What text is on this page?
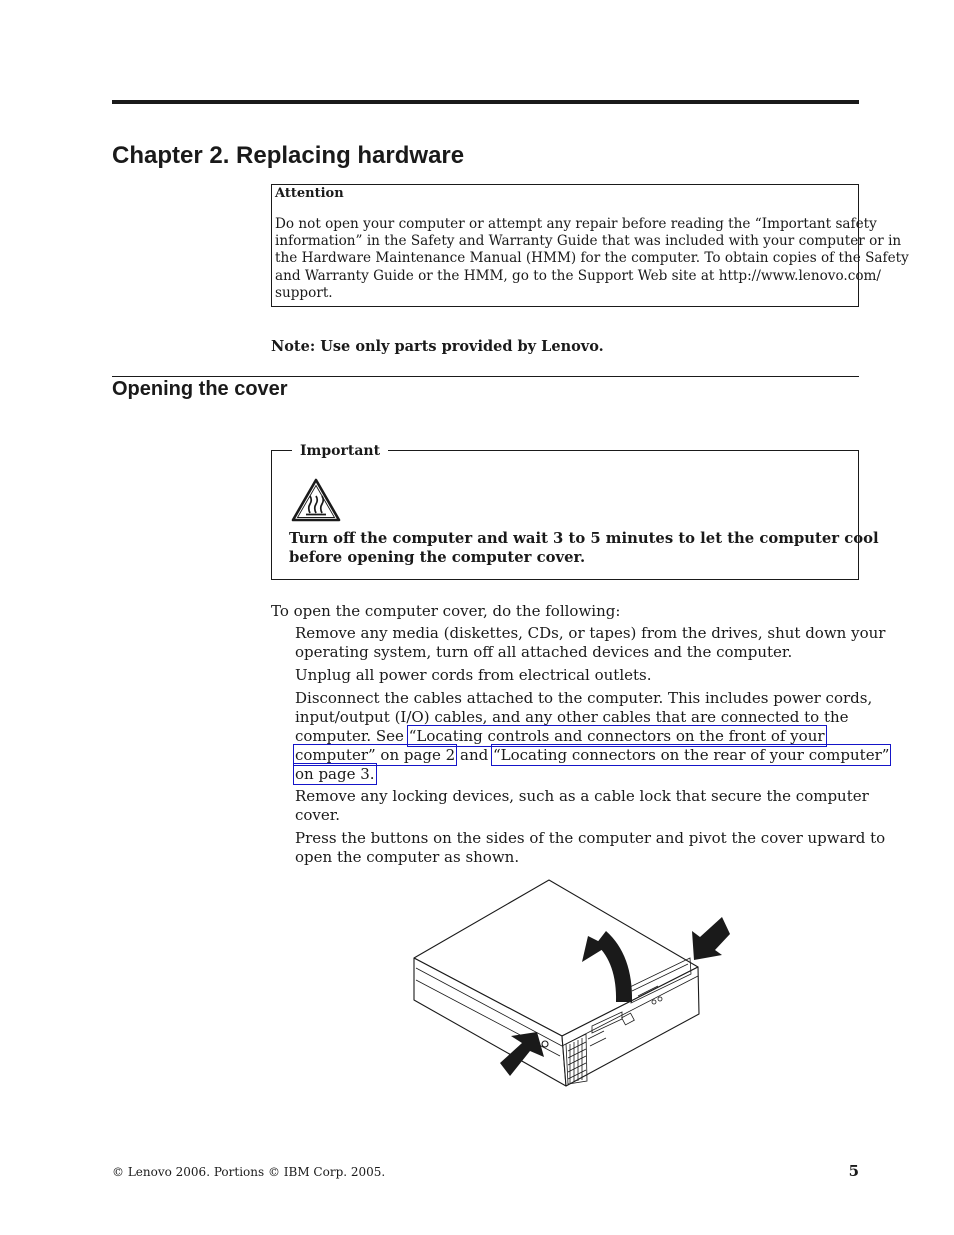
Chapter 2. Replacing hardware
Attention
Do not open your computer or attempt any repair before reading the “Important safety
information” in the Safety and Warranty Guide that was included with your computer or in
the Hardware Maintenance Manual (HMM) for the computer. To obtain copies of the Safety
and Warranty Guide or the HMM, go to the Support Web site at http://www.lenovo.com/
support.
Note: Use only parts provided by Lenovo.
Opening the cover
Important
Turn off the computer and wait 3 to 5 minutes to let the computer cool
before opening the computer cover.
To open the computer cover, do the following:
Remove any media (diskettes, CDs, or tapes) from the drives, shut down your
operating system, turn off all attached devices and the computer.
Unplug all power cords from electrical outlets.
Disconnect the cables attached to the computer. This includes power cords,
input/output (I/O) cables, and any other cables that are connected to the
computer. See “Locating controls and connectors on the front of your
computer” on page 2 and “Locating connectors on the rear of your computer”
on page 3.
Remove any locking devices, such as a cable lock that secure the computer
cover.
Press the buttons on the sides of the computer and pivot the cover upward to
open the computer as shown.
© Lenovo 2006. Portions © IBM Corp. 2005.	5
